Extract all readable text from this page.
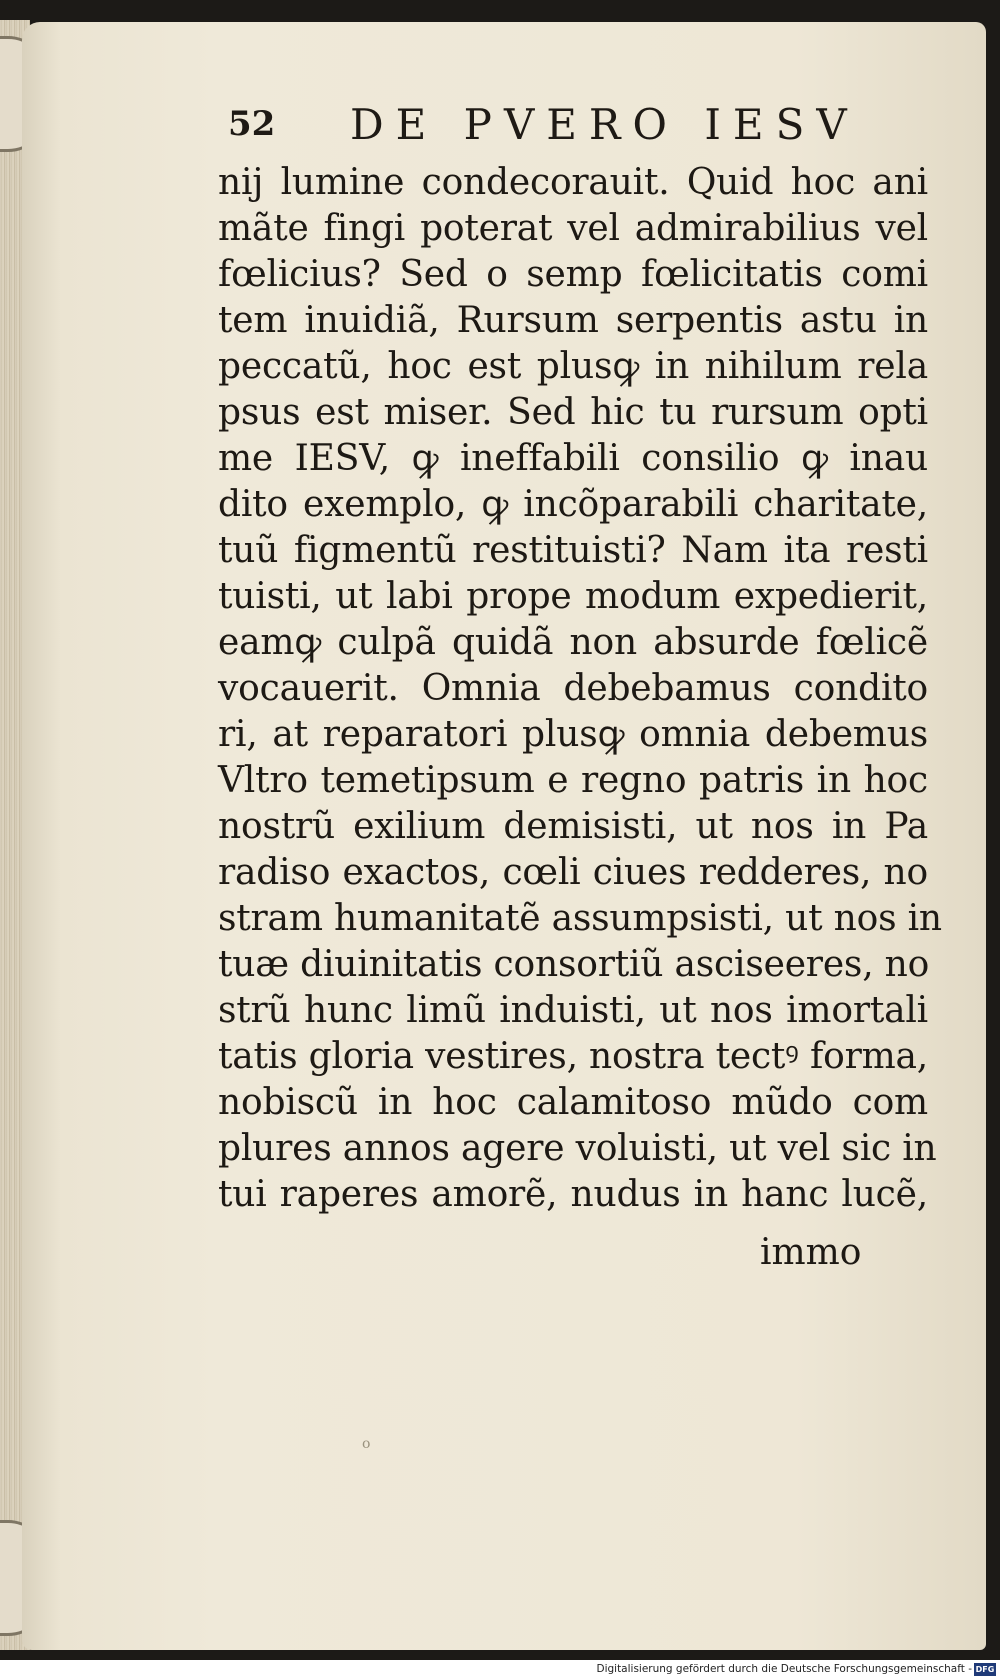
52 DE PVERO IESV
nij lumine condecorauit. Quid hoc ani
mãte fingi poterat vel admirabilius vel
fœlicius? Sed o semp fœlicitatis comi
tem inuidiã, Rursum serpentis astu in
peccatũ, hoc est plusꝙ in nihilum rela
psus est miser. Sed hic tu rursum opti
me IESV, ꝙ ineffabili consilio ꝙ inau
dito exemplo, ꝙ incõparabili charitate,
tuũ figmentũ restituisti? Nam ita resti
tuisti, ut labi prope modum expedierit,
eamꝙ culpã quidã non absurde fœlicẽ
vocauerit. Omnia debebamus condito
ri, at reparatori plusꝙ omnia debemus
Vltro temetipsum e regno patris in hoc
nostrũ exilium demisisti, ut nos in Pa
radiso exactos, cœli ciues redderes, no
stram humanitatẽ assumpsisti, ut nos in
tuæ diuinitatis consortiũ asciseeres, no
strũ hunc limũ induisti, ut nos imortali
tatis gloria vestires, nostra tectꝰ forma,
nobiscũ in hoc calamitoso mũdo com
plures annos agere voluisti, ut vel sic in
tui raperes amorẽ, nudus in hanc lucẽ,
immo
o
Digitalisierung gefördert durch die Deutsche Forschungsgemeinschaft - DFG
